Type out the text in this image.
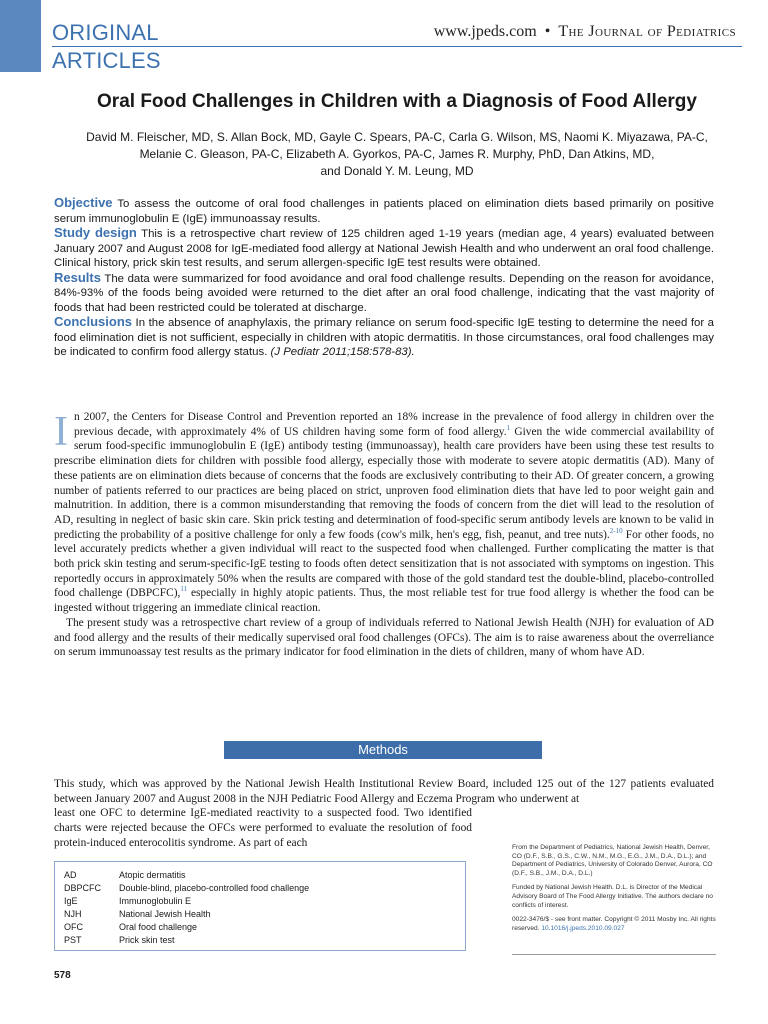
ORIGINAL
ARTICLES
www.jpeds.com • The Journal of Pediatrics
Oral Food Challenges in Children with a Diagnosis of Food Allergy
David M. Fleischer, MD, S. Allan Bock, MD, Gayle C. Spears, PA-C, Carla G. Wilson, MS, Naomi K. Miyazawa, PA-C,
Melanie C. Gleason, PA-C, Elizabeth A. Gyorkos, PA-C, James R. Murphy, PhD, Dan Atkins, MD,
and Donald Y. M. Leung, MD

Objective To assess the outcome of oral food challenges in patients placed on elimination diets based primarily on positive serum immunoglobulin E (IgE) immunoassay results.

Study design This is a retrospective chart review of 125 children aged 1-19 years (median age, 4 years) evaluated between January 2007 and August 2008 for IgE-mediated food allergy at National Jewish Health and who underwent an oral food challenge. Clinical history, prick skin test results, and serum allergen-specific IgE test results were obtained.

Results The data were summarized for food avoidance and oral food challenge results. Depending on the reason for avoidance, 84%-93% of the foods being avoided were returned to the diet after an oral food challenge, indicating that the vast majority of foods that had been restricted could be tolerated at discharge.

Conclusions In the absence of anaphylaxis, the primary reliance on serum food-specific IgE testing to determine the need for a food elimination diet is not sufficient, especially in children with atopic dermatitis. In those circumstances, oral food challenges may be indicated to confirm food allergy status. (J Pediatr 2011;158:578-83).

In 2007, the Centers for Disease Control and Prevention reported an 18% increase in the prevalence of food allergy in children over the previous decade, with approximately 4% of US children having some form of food allergy.$^1$ Given the wide commercial availability of serum food-specific immunoglobulin E (IgE) antibody testing (immunoassay), health care providers have been using these test results to prescribe elimination diets for children with possible food allergy, especially those with moderate to severe atopic dermatitis (AD). Many of these patients are on elimination diets because of concerns that the foods are exclusively contributing to their AD. Of greater concern, a growing number of patients referred to our practices are being placed on strict, unproven food elimination diets that have led to poor weight gain and malnutrition. In addition, there is a common misunderstanding that removing the foods of concern from the diet will lead to the resolution of AD, resulting in neglect of basic skin care. Skin prick testing and determination of food-specific serum antibody levels are known to be valid in predicting the probability of a positive challenge for only a few foods (cow's milk, hen's egg, fish, peanut, and tree nuts).$^{2-10}$ For other foods, no level accurately predicts whether a given individual will react to the suspected food when challenged. Further complicating the matter is that both prick skin testing and serum-specific-IgE testing to foods often detect sensitization that is not associated with symptoms on ingestion. This reportedly occurs in approximately 50% when the results are compared with those of the gold standard test the double-blind, placebo-controlled food challenge (DBPCFC),$^{11}$ especially in highly atopic patients. Thus, the most reliable test for true food allergy is whether the food can be ingested without triggering an immediate clinical reaction.

The present study was a retrospective chart review of a group of individuals referred to National Jewish Health (NJH) for evaluation of AD and food allergy and the results of their medically supervised oral food challenges (OFCs). The aim is to raise awareness about the overreliance on serum immunoassay test results as the primary indicator for food elimination in the diets of children, many of whom have AD.

Methods

This study, which was approved by the National Jewish Health Institutional Review Board, included 125 out of the 127 patients evaluated between January 2007 and August 2008 in the NJH Pediatric Food Allergy and Eczema Program who underwent at

least one OFC to determine IgE-mediated reactivity to a suspected food. Two identified charts were rejected because the OFCs were performed to evaluate the resolution of food protein-induced enterocolitis syndrome. As part of each

AD	Atopic dermatitis
DBPCFC	Double-blind, placebo-controlled food challenge
IgE	Immunoglobulin E
NJH	National Jewish Health
OFC	Oral food challenge
PST	Prick skin test

From the Department of Pediatrics, National Jewish Health, Denver, CO (D.F., S.B., G.S., C.W., N.M., M.G., E.G., J.M., D.A., D.L.); and Department of Pediatrics, University of Colorado Denver, Aurora, CO (D.F., S.B., J.M., D.A., D.L.)

Funded by National Jewish Health. D.L. is Director of the Medical Advisory Board of The Food Allergy Initiative. The authors declare no conflicts of interest.

0022-3476/$ - see front matter. Copyright © 2011 Mosby Inc. All rights reserved. 10.1016/j.jpeds.2010.09.027

578
